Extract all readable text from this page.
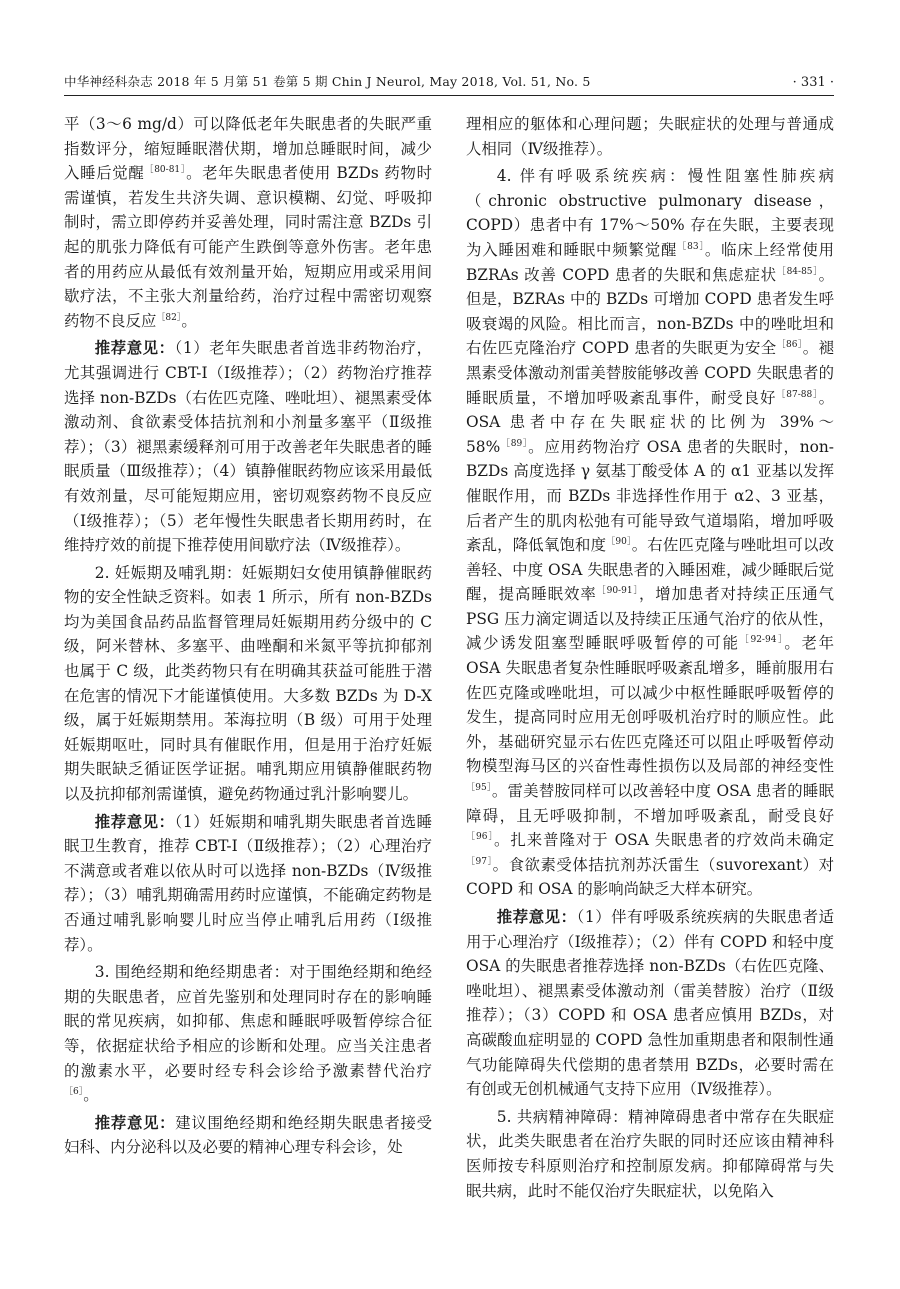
中华神经科杂志 2018 年 5 月第 51 卷第 5 期 Chin J Neurol, May 2018, Vol. 51, No. 5	· 331 ·

平（3～6 mg/d）可以降低老年失眠患者的失眠严重指数评分，缩短睡眠潜伏期，增加总睡眠时间，减少入睡后觉醒$^{[80-81]}$。老年失眠患者使用 BZDs 药物时需谨慎，若发生共济失调、意识模糊、幻觉、呼吸抑制时，需立即停药并妥善处理，同时需注意 BZDs 引起的肌张力降低有可能产生跌倒等意外伤害。老年患者的用药应从最低有效剂量开始，短期应用或采用间歇疗法，不主张大剂量给药，治疗过程中需密切观察药物不良反应$^{[82]}$。

推荐意见：（1）老年失眠患者首选非药物治疗，尤其强调进行 CBT-I（Ⅰ级推荐）；（2）药物治疗推荐选择 non-BZDs（右佐匹克隆、唑吡坦）、褪黑素受体激动剂、食欲素受体拮抗剂和小剂量多塞平（Ⅱ级推荐）；（3）褪黑素缓释剂可用于改善老年失眠患者的睡眠质量（Ⅲ级推荐）；（4）镇静催眠药物应该采用最低有效剂量，尽可能短期应用，密切观察药物不良反应（Ⅰ级推荐）；（5）老年慢性失眠患者长期用药时，在维持疗效的前提下推荐使用间歇疗法（Ⅳ级推荐）。

2. 妊娠期及哺乳期：妊娠期妇女使用镇静催眠药物的安全性缺乏资料。如表 1 所示，所有 non-BZDs 均为美国食品药品监督管理局妊娠期用药分级中的 C 级，阿米替林、多塞平、曲唑酮和米氮平等抗抑郁剂也属于 C 级，此类药物只有在明确其获益可能胜于潜在危害的情况下才能谨慎使用。大多数 BZDs 为 D-X 级，属于妊娠期禁用。苯海拉明（B 级）可用于处理妊娠期呕吐，同时具有催眠作用，但是用于治疗妊娠期失眠缺乏循证医学证据。哺乳期应用镇静催眠药物以及抗抑郁剂需谨慎，避免药物通过乳汁影响婴儿。

推荐意见：（1）妊娠期和哺乳期失眠患者首选睡眠卫生教育，推荐 CBT-I（Ⅱ级推荐）；（2）心理治疗不满意或者难以依从时可以选择 non-BZDs（Ⅳ级推荐）；（3）哺乳期确需用药时应谨慎，不能确定药物是否通过哺乳影响婴儿时应当停止哺乳后用药（Ⅰ级推荐）。

3. 围绝经期和绝经期患者：对于围绝经期和绝经期的失眠患者，应首先鉴别和处理同时存在的影响睡眠的常见疾病，如抑郁、焦虑和睡眠呼吸暂停综合征等，依据症状给予相应的诊断和处理。应当关注患者的激素水平，必要时经专科会诊给予激素替代治疗$^{[6]}$。

推荐意见：建议围绝经期和绝经期失眠患者接受妇科、内分泌科以及必要的精神心理专科会诊，处

理相应的躯体和心理问题；失眠症状的处理与普通成人相同（Ⅳ级推荐）。

4. 伴有呼吸系统疾病：慢性阻塞性肺疾病（chronic obstructive pulmonary disease，COPD）患者中有 17%～50% 存在失眠，主要表现为入睡困难和睡眠中频繁觉醒$^{[83]}$。临床上经常使用 BZRAs 改善 COPD 患者的失眠和焦虑症状$^{[84-85]}$。但是，BZRAs 中的 BZDs 可增加 COPD 患者发生呼吸衰竭的风险。相比而言，non-BZDs 中的唑吡坦和右佐匹克隆治疗 COPD 患者的失眠更为安全$^{[86]}$。褪黑素受体激动剂雷美替胺能够改善 COPD 失眠患者的睡眠质量，不增加呼吸紊乱事件，耐受良好$^{[87-88]}$。OSA 患者中存在失眠症状的比例为 39%～58%$^{[89]}$。应用药物治疗 OSA 患者的失眠时，non-BZDs 高度选择 γ 氨基丁酸受体 A 的 α1 亚基以发挥催眠作用，而 BZDs 非选择性作用于 α2、3 亚基，后者产生的肌肉松弛有可能导致气道塌陷，增加呼吸紊乱，降低氧饱和度$^{[90]}$。右佐匹克隆与唑吡坦可以改善轻、中度 OSA 失眠患者的入睡困难，减少睡眠后觉醒，提高睡眠效率$^{[90-91]}$，增加患者对持续正压通气 PSG 压力滴定调适以及持续正压通气治疗的依从性，减少诱发阻塞型睡眠呼吸暂停的可能$^{[92-94]}$。老年 OSA 失眠患者复杂性睡眠呼吸紊乱增多，睡前服用右佐匹克隆或唑吡坦，可以减少中枢性睡眠呼吸暂停的发生，提高同时应用无创呼吸机治疗时的顺应性。此外，基础研究显示右佐匹克隆还可以阻止呼吸暂停动物模型海马区的兴奋性毒性损伤以及局部的神经变性$^{[95]}$。雷美替胺同样可以改善轻中度 OSA 患者的睡眠障碍，且无呼吸抑制，不增加呼吸紊乱，耐受良好$^{[96]}$。扎来普隆对于 OSA 失眠患者的疗效尚未确定$^{[97]}$。食欲素受体拮抗剂苏沃雷生（suvorexant）对 COPD 和 OSA 的影响尚缺乏大样本研究。

推荐意见：（1）伴有呼吸系统疾病的失眠患者适用于心理治疗（Ⅰ级推荐）；（2）伴有 COPD 和轻中度 OSA 的失眠患者推荐选择 non-BZDs（右佐匹克隆、唑吡坦）、褪黑素受体激动剂（雷美替胺）治疗（Ⅱ级推荐）；（3）COPD 和 OSA 患者应慎用 BZDs，对高碳酸血症明显的 COPD 急性加重期患者和限制性通气功能障碍失代偿期的患者禁用 BZDs，必要时需在有创或无创机械通气支持下应用（Ⅳ级推荐）。

5. 共病精神障碍：精神障碍患者中常存在失眠症状，此类失眠患者在治疗失眠的同时还应该由精神科医师按专科原则治疗和控制原发病。抑郁障碍常与失眠共病，此时不能仅治疗失眠症状，以免陷入
